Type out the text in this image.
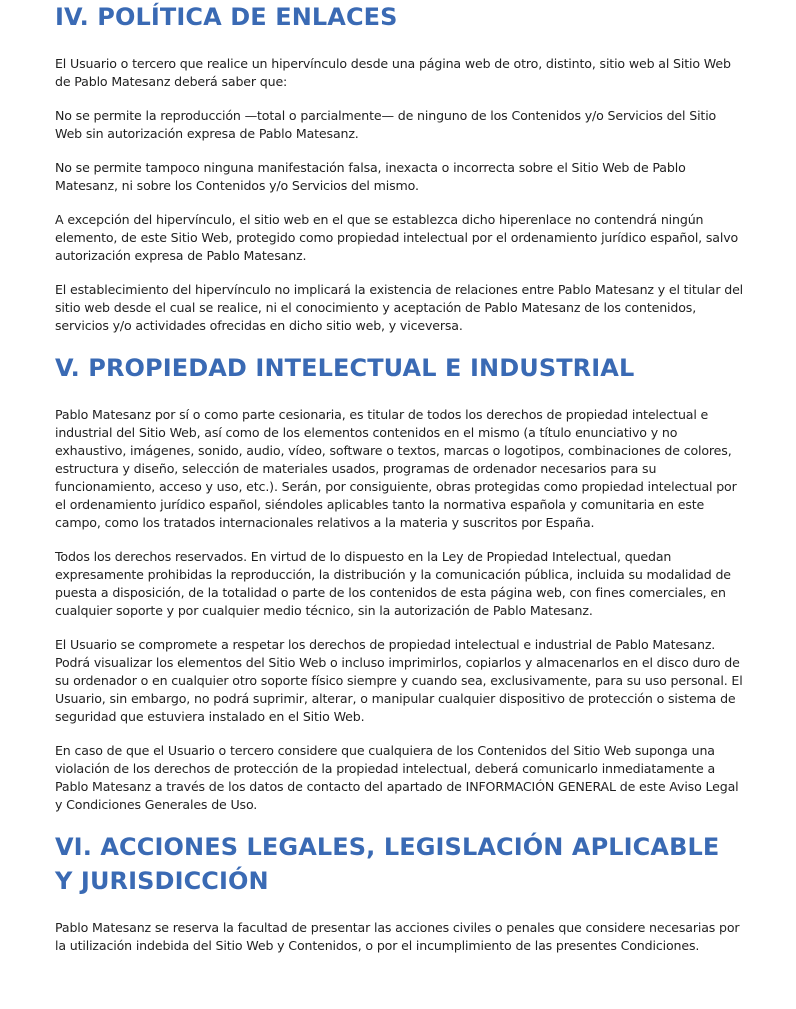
IV. POLÍTICA DE ENLACES

El Usuario o tercero que realice un hipervínculo desde una página web de otro, distinto, sitio web al Sitio Web de Pablo Matesanz deberá saber que:

No se permite la reproducción —total o parcialmente— de ninguno de los Contenidos y/o Servicios del Sitio Web sin autorización expresa de Pablo Matesanz.

No se permite tampoco ninguna manifestación falsa, inexacta o incorrecta sobre el Sitio Web de Pablo Matesanz, ni sobre los Contenidos y/o Servicios del mismo.

A excepción del hipervínculo, el sitio web en el que se establezca dicho hiperenlace no contendrá ningún elemento, de este Sitio Web, protegido como propiedad intelectual por el ordenamiento jurídico español, salvo autorización expresa de Pablo Matesanz.

El establecimiento del hipervínculo no implicará la existencia de relaciones entre Pablo Matesanz y el titular del sitio web desde el cual se realice, ni el conocimiento y aceptación de Pablo Matesanz de los contenidos, servicios y/o actividades ofrecidas en dicho sitio web, y viceversa.

V. PROPIEDAD INTELECTUAL E INDUSTRIAL

Pablo Matesanz por sí o como parte cesionaria, es titular de todos los derechos de propiedad intelectual e industrial del Sitio Web, así como de los elementos contenidos en el mismo (a título enunciativo y no exhaustivo, imágenes, sonido, audio, vídeo, software o textos, marcas o logotipos, combinaciones de colores, estructura y diseño, selección de materiales usados, programas de ordenador necesarios para su funcionamiento, acceso y uso, etc.). Serán, por consiguiente, obras protegidas como propiedad intelectual por el ordenamiento jurídico español, siéndoles aplicables tanto la normativa española y comunitaria en este campo, como los tratados internacionales relativos a la materia y suscritos por España.

Todos los derechos reservados. En virtud de lo dispuesto en la Ley de Propiedad Intelectual, quedan expresamente prohibidas la reproducción, la distribución y la comunicación pública, incluida su modalidad de puesta a disposición, de la totalidad o parte de los contenidos de esta página web, con fines comerciales, en cualquier soporte y por cualquier medio técnico, sin la autorización de Pablo Matesanz.

El Usuario se compromete a respetar los derechos de propiedad intelectual e industrial de Pablo Matesanz. Podrá visualizar los elementos del Sitio Web o incluso imprimirlos, copiarlos y almacenarlos en el disco duro de su ordenador o en cualquier otro soporte físico siempre y cuando sea, exclusivamente, para su uso personal. El Usuario, sin embargo, no podrá suprimir, alterar, o manipular cualquier dispositivo de protección o sistema de seguridad que estuviera instalado en el Sitio Web.

En caso de que el Usuario o tercero considere que cualquiera de los Contenidos del Sitio Web suponga una violación de los derechos de protección de la propiedad intelectual, deberá comunicarlo inmediatamente a Pablo Matesanz a través de los datos de contacto del apartado de INFORMACIÓN GENERAL de este Aviso Legal y Condiciones Generales de Uso.

VI. ACCIONES LEGALES, LEGISLACIÓN APLICABLE Y JURISDICCIÓN

Pablo Matesanz se reserva la facultad de presentar las acciones civiles o penales que considere necesarias por la utilización indebida del Sitio Web y Contenidos, o por el incumplimiento de las presentes Condiciones.
